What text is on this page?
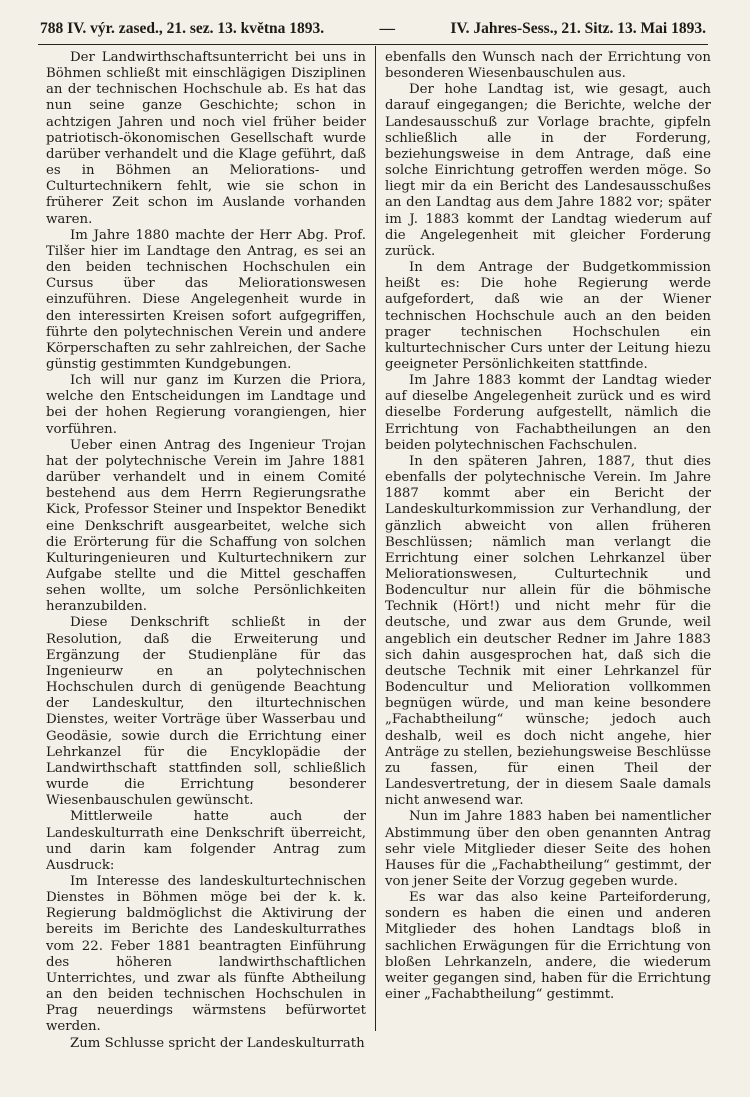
788 IV. výr. zased., 21. sez. 13. května 1893.	—	IV. Jahres-Sess., 21. Sitz. 13. Mai 1893.

Der Landwirthschaftsunterricht bei uns in Böhmen schließt mit einschlägigen Disziplinen an der technischen Hochschule ab. Es hat das nun seine ganze Geschichte; schon in achtzigen Jahren und noch viel früher beider patriotisch-ökonomischen Gesellschaft wurde darüber verhandelt und die Klage geführt, daß es in Böhmen an Meliorations- und Culturtechnikern fehlt, wie sie schon in früherer Zeit schon im Auslande vorhanden waren.

Im Jahre 1880 machte der Herr Abg. Prof. Tilšer hier im Landtage den Antrag, es sei an den beiden technischen Hochschulen ein Cursus über das Meliorationswesen einzuführen. Diese Angelegenheit wurde in den interessirten Kreisen sofort aufgegriffen, führte den polytechnischen Verein und andere Körperschaften zu sehr zahlreichen, der Sache günstig gestimmten Kundgebungen.

Ich will nur ganz im Kurzen die Priora, welche den Entscheidungen im Landtage und bei der hohen Regierung vorangiengen, hier vorführen.

Ueber einen Antrag des Ingenieur Trojan hat der polytechnische Verein im Jahre 1881 darüber verhandelt und in einem Comité bestehend aus dem Herrn Regierungsrathe Kick, Professor Steiner und Inspektor Benedikt eine Denkschrift ausgearbeitet, welche sich die Erörterung für die Schaffung von solchen Kulturingenieuren und Kulturtechnikern zur Aufgabe stellte und die Mittel geschaffen sehen wollte, um solche Persönlichkeiten heranzubilden.

Diese Denkschrift schließt in der Resolution, daß die Erweiterung und Ergänzung der Studienpläne für das Ingenieurw en an polytechnischen Hochschulen durch di genügende Beachtung der Landeskultur, den ilturtechnischen Dienstes, weiter Vorträge über Wasserbau und Geodäsie, sowie durch die Errichtung einer Lehrkanzel für die Encyklopädie der Landwirthschaft stattfinden soll, schließlich wurde die Errichtung besonderer Wiesenbauschulen gewünscht.

Mittlerweile hatte auch der Landeskulturrath eine Denkschrift überreicht, und darin kam folgender Antrag zum Ausdruck:

Im Interesse des landeskulturtechnischen Dienstes in Böhmen möge bei der k. k. Regierung baldmöglichst die Aktivirung der bereits im Berichte des Landeskulturrathes vom 22. Feber 1881 beantragten Einführung des höheren landwirthschaftlichen Unterrichtes, und zwar als fünfte Abtheilung an den beiden technischen Hochschulen in Prag neuerdings wärmstens befürwortet werden.

Zum Schlusse spricht der Landeskulturrath

ebenfalls den Wunsch nach der Errichtung von besonderen Wiesenbauschulen aus.

Der hohe Landtag ist, wie gesagt, auch darauf eingegangen; die Berichte, welche der Landesausschuß zur Vorlage brachte, gipfeln schließlich alle in der Forderung, beziehungsweise in dem Antrage, daß eine solche Einrichtung getroffen werden möge. So liegt mir da ein Bericht des Landesausschußes an den Landtag aus dem Jahre 1882 vor; später im J. 1883 kommt der Landtag wiederum auf die Angelegenheit mit gleicher Forderung zurück.

In dem Antrage der Budgetkommission heißt es: Die hohe Regierung werde aufgefordert, daß wie an der Wiener technischen Hochschule auch an den beiden prager technischen Hochschulen ein kulturtechnischer Curs unter der Leitung hiezu geeigneter Persönlichkeiten stattfinde.

Im Jahre 1883 kommt der Landtag wieder auf dieselbe Angelegenheit zurück und es wird dieselbe Forderung aufgestellt, nämlich die Errichtung von Fachabtheilungen an den beiden polytechnischen Fachschulen.

In den späteren Jahren, 1887, thut dies ebenfalls der polytechnische Verein. Im Jahre 1887 kommt aber ein Bericht der Landeskulturkommission zur Verhandlung, der gänzlich abweicht von allen früheren Beschlüssen; nämlich man verlangt die Errichtung einer solchen Lehrkanzel über Meliorationswesen, Culturtechnik und Bodencultur nur allein für die böhmische Technik (Hört!) und nicht mehr für die deutsche, und zwar aus dem Grunde, weil angeblich ein deutscher Redner im Jahre 1883 sich dahin ausgesprochen hat, daß sich die deutsche Technik mit einer Lehrkanzel für Bodencultur und Melioration vollkommen begnügen würde, und man keine besondere „Fachabtheilung“ wünsche; jedoch auch deshalb, weil es doch nicht angehe, hier Anträge zu stellen, beziehungsweise Beschlüsse zu fassen, für einen Theil der Landesvertretung, der in diesem Saale damals nicht anwesend war.

Nun im Jahre 1883 haben bei namentlicher Abstimmung über den oben genannten Antrag sehr viele Mitglieder dieser Seite des hohen Hauses für die „Fachabtheilung“ gestimmt, der von jener Seite der Vorzug gegeben wurde.

Es war das also keine Parteiforderung, sondern es haben die einen und anderen Mitglieder des hohen Landtags bloß in sachlichen Erwägungen für die Errichtung von bloßen Lehrkanzeln, andere, die wiederum weiter gegangen sind, haben für die Errichtung einer „Fachabtheilung“ gestimmt.
